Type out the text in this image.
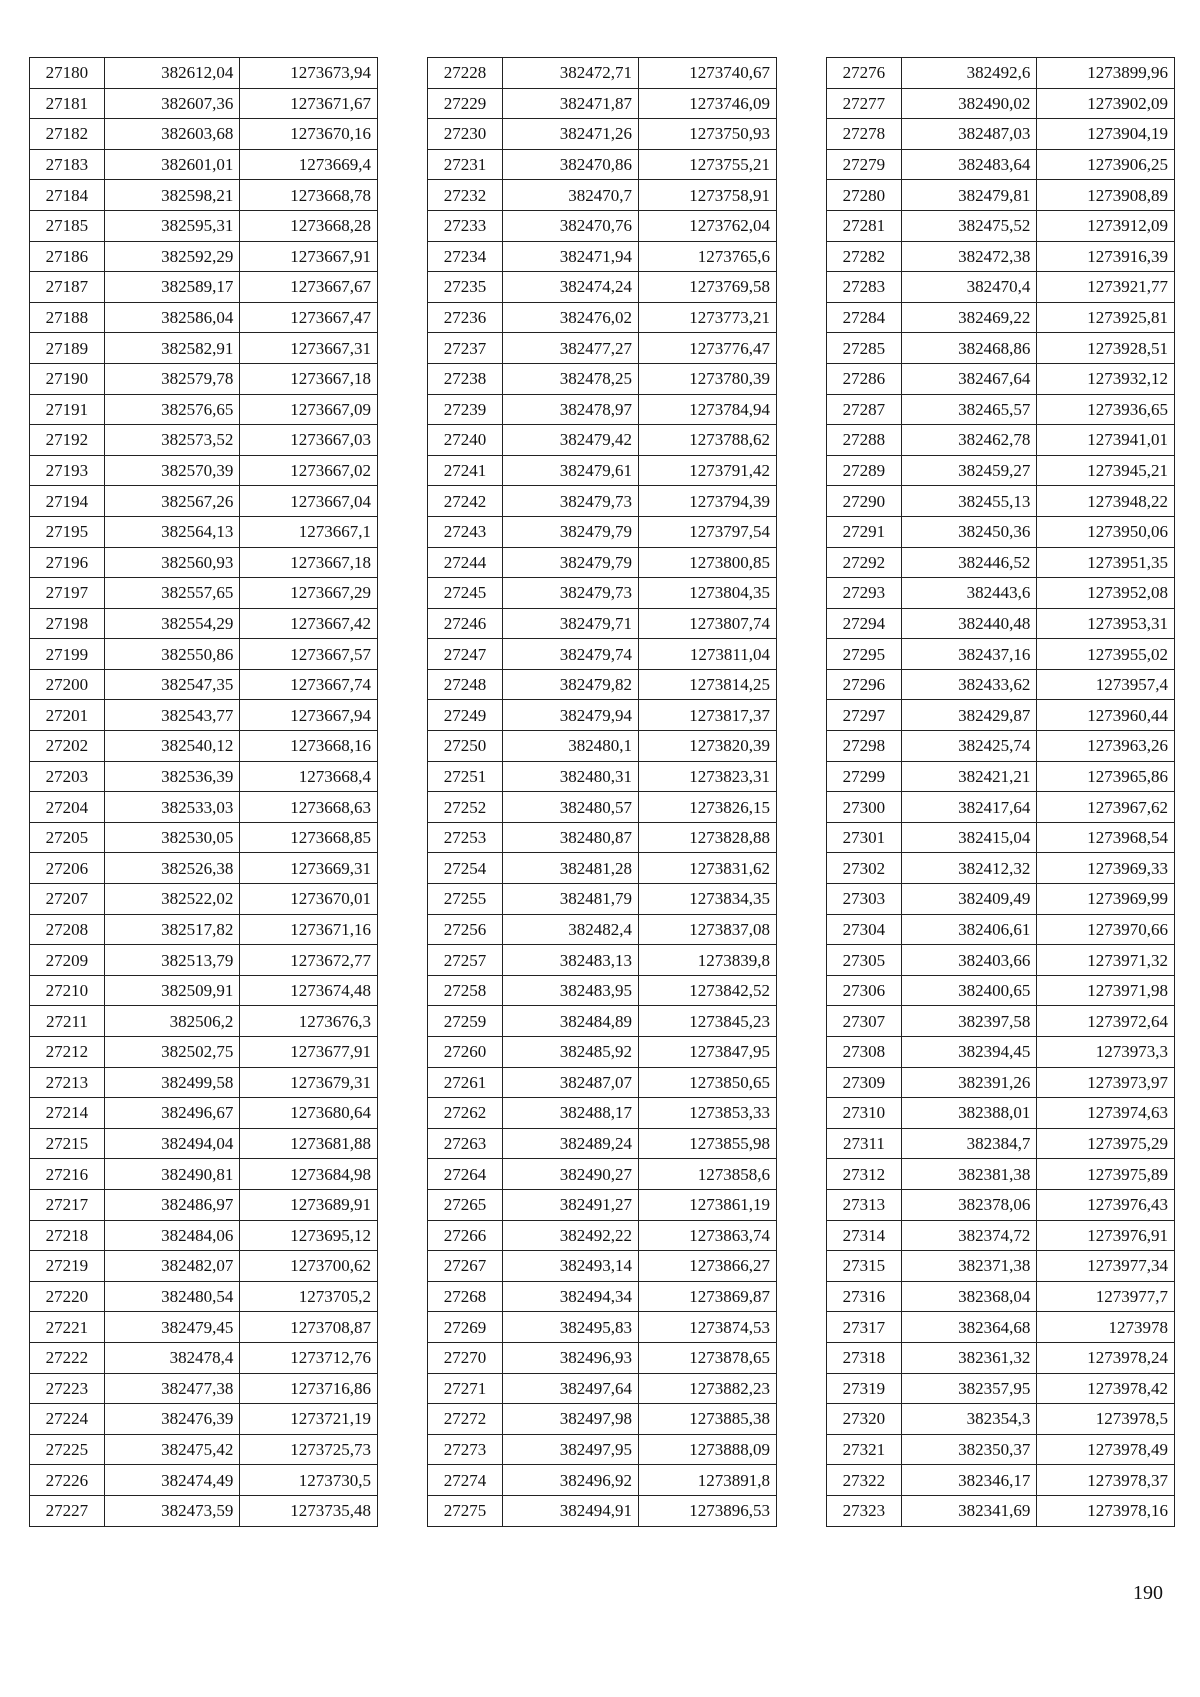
27180	382612,04	1273673,94
27181	382607,36	1273671,67
27182	382603,68	1273670,16
27183	382601,01	1273669,4
27184	382598,21	1273668,78
27185	382595,31	1273668,28
27186	382592,29	1273667,91
27187	382589,17	1273667,67
27188	382586,04	1273667,47
27189	382582,91	1273667,31
27190	382579,78	1273667,18
27191	382576,65	1273667,09
27192	382573,52	1273667,03
27193	382570,39	1273667,02
27194	382567,26	1273667,04
27195	382564,13	1273667,1
27196	382560,93	1273667,18
27197	382557,65	1273667,29
27198	382554,29	1273667,42
27199	382550,86	1273667,57
27200	382547,35	1273667,74
27201	382543,77	1273667,94
27202	382540,12	1273668,16
27203	382536,39	1273668,4
27204	382533,03	1273668,63
27205	382530,05	1273668,85
27206	382526,38	1273669,31
27207	382522,02	1273670,01
27208	382517,82	1273671,16
27209	382513,79	1273672,77
27210	382509,91	1273674,48
27211	382506,2	1273676,3
27212	382502,75	1273677,91
27213	382499,58	1273679,31
27214	382496,67	1273680,64
27215	382494,04	1273681,88
27216	382490,81	1273684,98
27217	382486,97	1273689,91
27218	382484,06	1273695,12
27219	382482,07	1273700,62
27220	382480,54	1273705,2
27221	382479,45	1273708,87
27222	382478,4	1273712,76
27223	382477,38	1273716,86
27224	382476,39	1273721,19
27225	382475,42	1273725,73
27226	382474,49	1273730,5
27227	382473,59	1273735,48
27228	382472,71	1273740,67
27229	382471,87	1273746,09
27230	382471,26	1273750,93
27231	382470,86	1273755,21
27232	382470,7	1273758,91
27233	382470,76	1273762,04
27234	382471,94	1273765,6
27235	382474,24	1273769,58
27236	382476,02	1273773,21
27237	382477,27	1273776,47
27238	382478,25	1273780,39
27239	382478,97	1273784,94
27240	382479,42	1273788,62
27241	382479,61	1273791,42
27242	382479,73	1273794,39
27243	382479,79	1273797,54
27244	382479,79	1273800,85
27245	382479,73	1273804,35
27246	382479,71	1273807,74
27247	382479,74	1273811,04
27248	382479,82	1273814,25
27249	382479,94	1273817,37
27250	382480,1	1273820,39
27251	382480,31	1273823,31
27252	382480,57	1273826,15
27253	382480,87	1273828,88
27254	382481,28	1273831,62
27255	382481,79	1273834,35
27256	382482,4	1273837,08
27257	382483,13	1273839,8
27258	382483,95	1273842,52
27259	382484,89	1273845,23
27260	382485,92	1273847,95
27261	382487,07	1273850,65
27262	382488,17	1273853,33
27263	382489,24	1273855,98
27264	382490,27	1273858,6
27265	382491,27	1273861,19
27266	382492,22	1273863,74
27267	382493,14	1273866,27
27268	382494,34	1273869,87
27269	382495,83	1273874,53
27270	382496,93	1273878,65
27271	382497,64	1273882,23
27272	382497,98	1273885,38
27273	382497,95	1273888,09
27274	382496,92	1273891,8
27275	382494,91	1273896,53
27276	382492,6	1273899,96
27277	382490,02	1273902,09
27278	382487,03	1273904,19
27279	382483,64	1273906,25
27280	382479,81	1273908,89
27281	382475,52	1273912,09
27282	382472,38	1273916,39
27283	382470,4	1273921,77
27284	382469,22	1273925,81
27285	382468,86	1273928,51
27286	382467,64	1273932,12
27287	382465,57	1273936,65
27288	382462,78	1273941,01
27289	382459,27	1273945,21
27290	382455,13	1273948,22
27291	382450,36	1273950,06
27292	382446,52	1273951,35
27293	382443,6	1273952,08
27294	382440,48	1273953,31
27295	382437,16	1273955,02
27296	382433,62	1273957,4
27297	382429,87	1273960,44
27298	382425,74	1273963,26
27299	382421,21	1273965,86
27300	382417,64	1273967,62
27301	382415,04	1273968,54
27302	382412,32	1273969,33
27303	382409,49	1273969,99
27304	382406,61	1273970,66
27305	382403,66	1273971,32
27306	382400,65	1273971,98
27307	382397,58	1273972,64
27308	382394,45	1273973,3
27309	382391,26	1273973,97
27310	382388,01	1273974,63
27311	382384,7	1273975,29
27312	382381,38	1273975,89
27313	382378,06	1273976,43
27314	382374,72	1273976,91
27315	382371,38	1273977,34
27316	382368,04	1273977,7
27317	382364,68	1273978
27318	382361,32	1273978,24
27319	382357,95	1273978,42
27320	382354,3	1273978,5
27321	382350,37	1273978,49
27322	382346,17	1273978,37
27323	382341,69	1273978,16
190
